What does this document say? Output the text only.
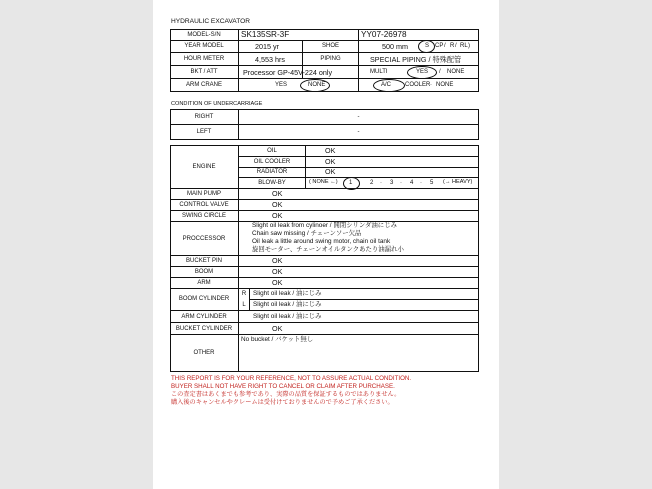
HYDRAULIC EXCAVATOR
MODEL-S/N	SK135SR-3F	YY07-26978
YEAR MODEL	2015 yr	SHOE	500 mm	S CP / R / RL )
HOUR METER	4,553 hrs	PIPING	SPECIAL PIPING / 特殊配管
BKT / ATT	Processor GP-45V-224 only	MULTI	YES / NONE
ARM CRANE	YES	NONE	A/C COOLER · NONE
CONDITION OF UNDERCARRIAGE
RIGHT	-
LEFT	-
ENGINE
OIL	OK
OIL COOLER	OK
RADIATOR	OK
BLOW-BY	( NONE ←) 1	2 · 3 · 4 · 5 (→ HEAVY)
MAIN PUMP	OK
CONTROL VALVE	OK
SWING CIRCLE	OK
PROCCESSOR
Slight oil leak from cylinoer / 開閉シリンダ油にじみ
Chain saw missing / チェーンソー欠品
Oil leak a little around swing motor, chain oil tank
旋回モーター、チェーンオイルタンクあたり油漏れ小
BUCKET PIN	OK
BOOM	OK
ARM	OK
BOOM CYLINDER
R	Slight oil leak / 油にじみ
L	Slight oil leak / 油にじみ
ARM CYLINDER	Slight oil leak / 油にじみ
BUCKET CYLINDER	OK
OTHER
No bucket / バケット無し
THIS REPORT IS FOR YOUR REFERENCE, NOT TO ASSURE ACTUAL CONDITION.
BUYER SHALL NOT HAVE RIGHT TO CANCEL OR CLAIM AFTER PURCHASE.
この査定書はあくまでも参考であり、実際の品質を保証するものではありません。
購入後のキャンセルやクレームは受付けておりませんので予めご了承ください。
